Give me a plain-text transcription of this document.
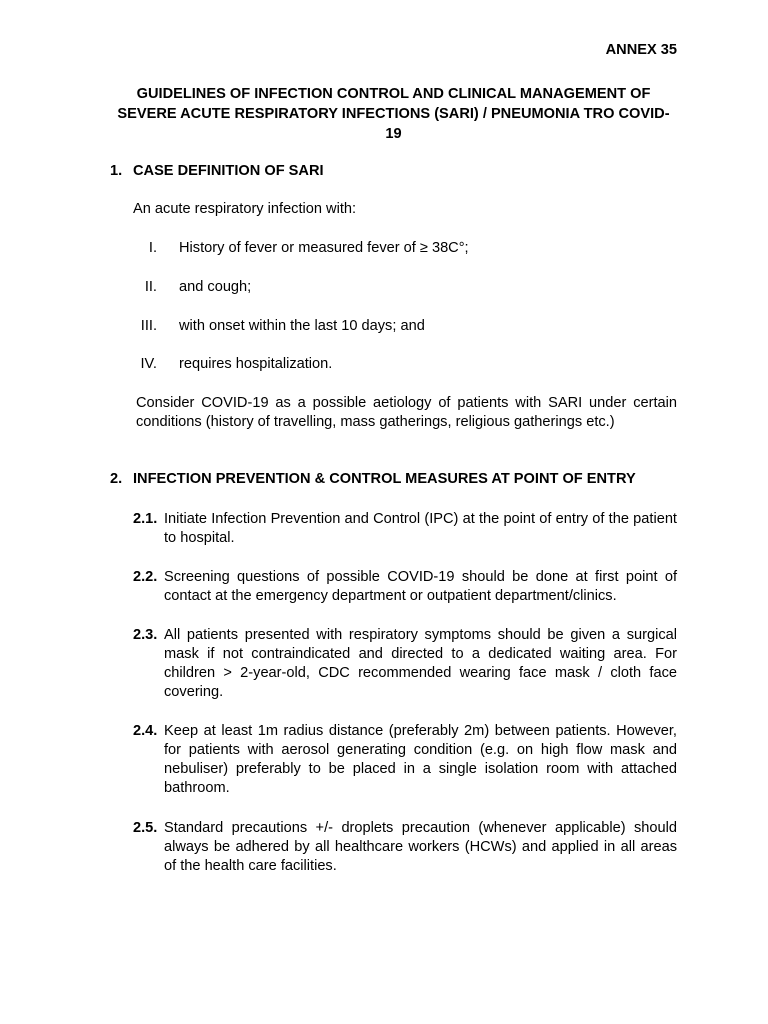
ANNEX 35
GUIDELINES OF INFECTION CONTROL AND CLINICAL MANAGEMENT OF SEVERE ACUTE RESPIRATORY INFECTIONS (SARI) / PNEUMONIA TRO COVID-19
1. CASE DEFINITION OF SARI
An acute respiratory infection with:
I. History of fever or measured fever of ≥ 38C°;
II. and cough;
III. with onset within the last 10 days; and
IV. requires hospitalization.
Consider COVID-19 as a possible aetiology of patients with SARI under certain conditions (history of travelling, mass gatherings, religious gatherings etc.)
2. INFECTION PREVENTION & CONTROL MEASURES AT POINT OF ENTRY
2.1. Initiate Infection Prevention and Control (IPC) at the point of entry of the patient to hospital.
2.2. Screening questions of possible COVID-19 should be done at first point of contact at the emergency department or outpatient department/clinics.
2.3. All patients presented with respiratory symptoms should be given a surgical mask if not contraindicated and directed to a dedicated waiting area. For children > 2-year-old, CDC recommended wearing face mask / cloth face covering.
2.4. Keep at least 1m radius distance (preferably 2m) between patients. However, for patients with aerosol generating condition (e.g. on high flow mask and nebuliser) preferably to be placed in a single isolation room with attached bathroom.
2.5. Standard precautions +/- droplets precaution (whenever applicable) should always be adhered by all healthcare workers (HCWs) and applied in all areas of the health care facilities.
